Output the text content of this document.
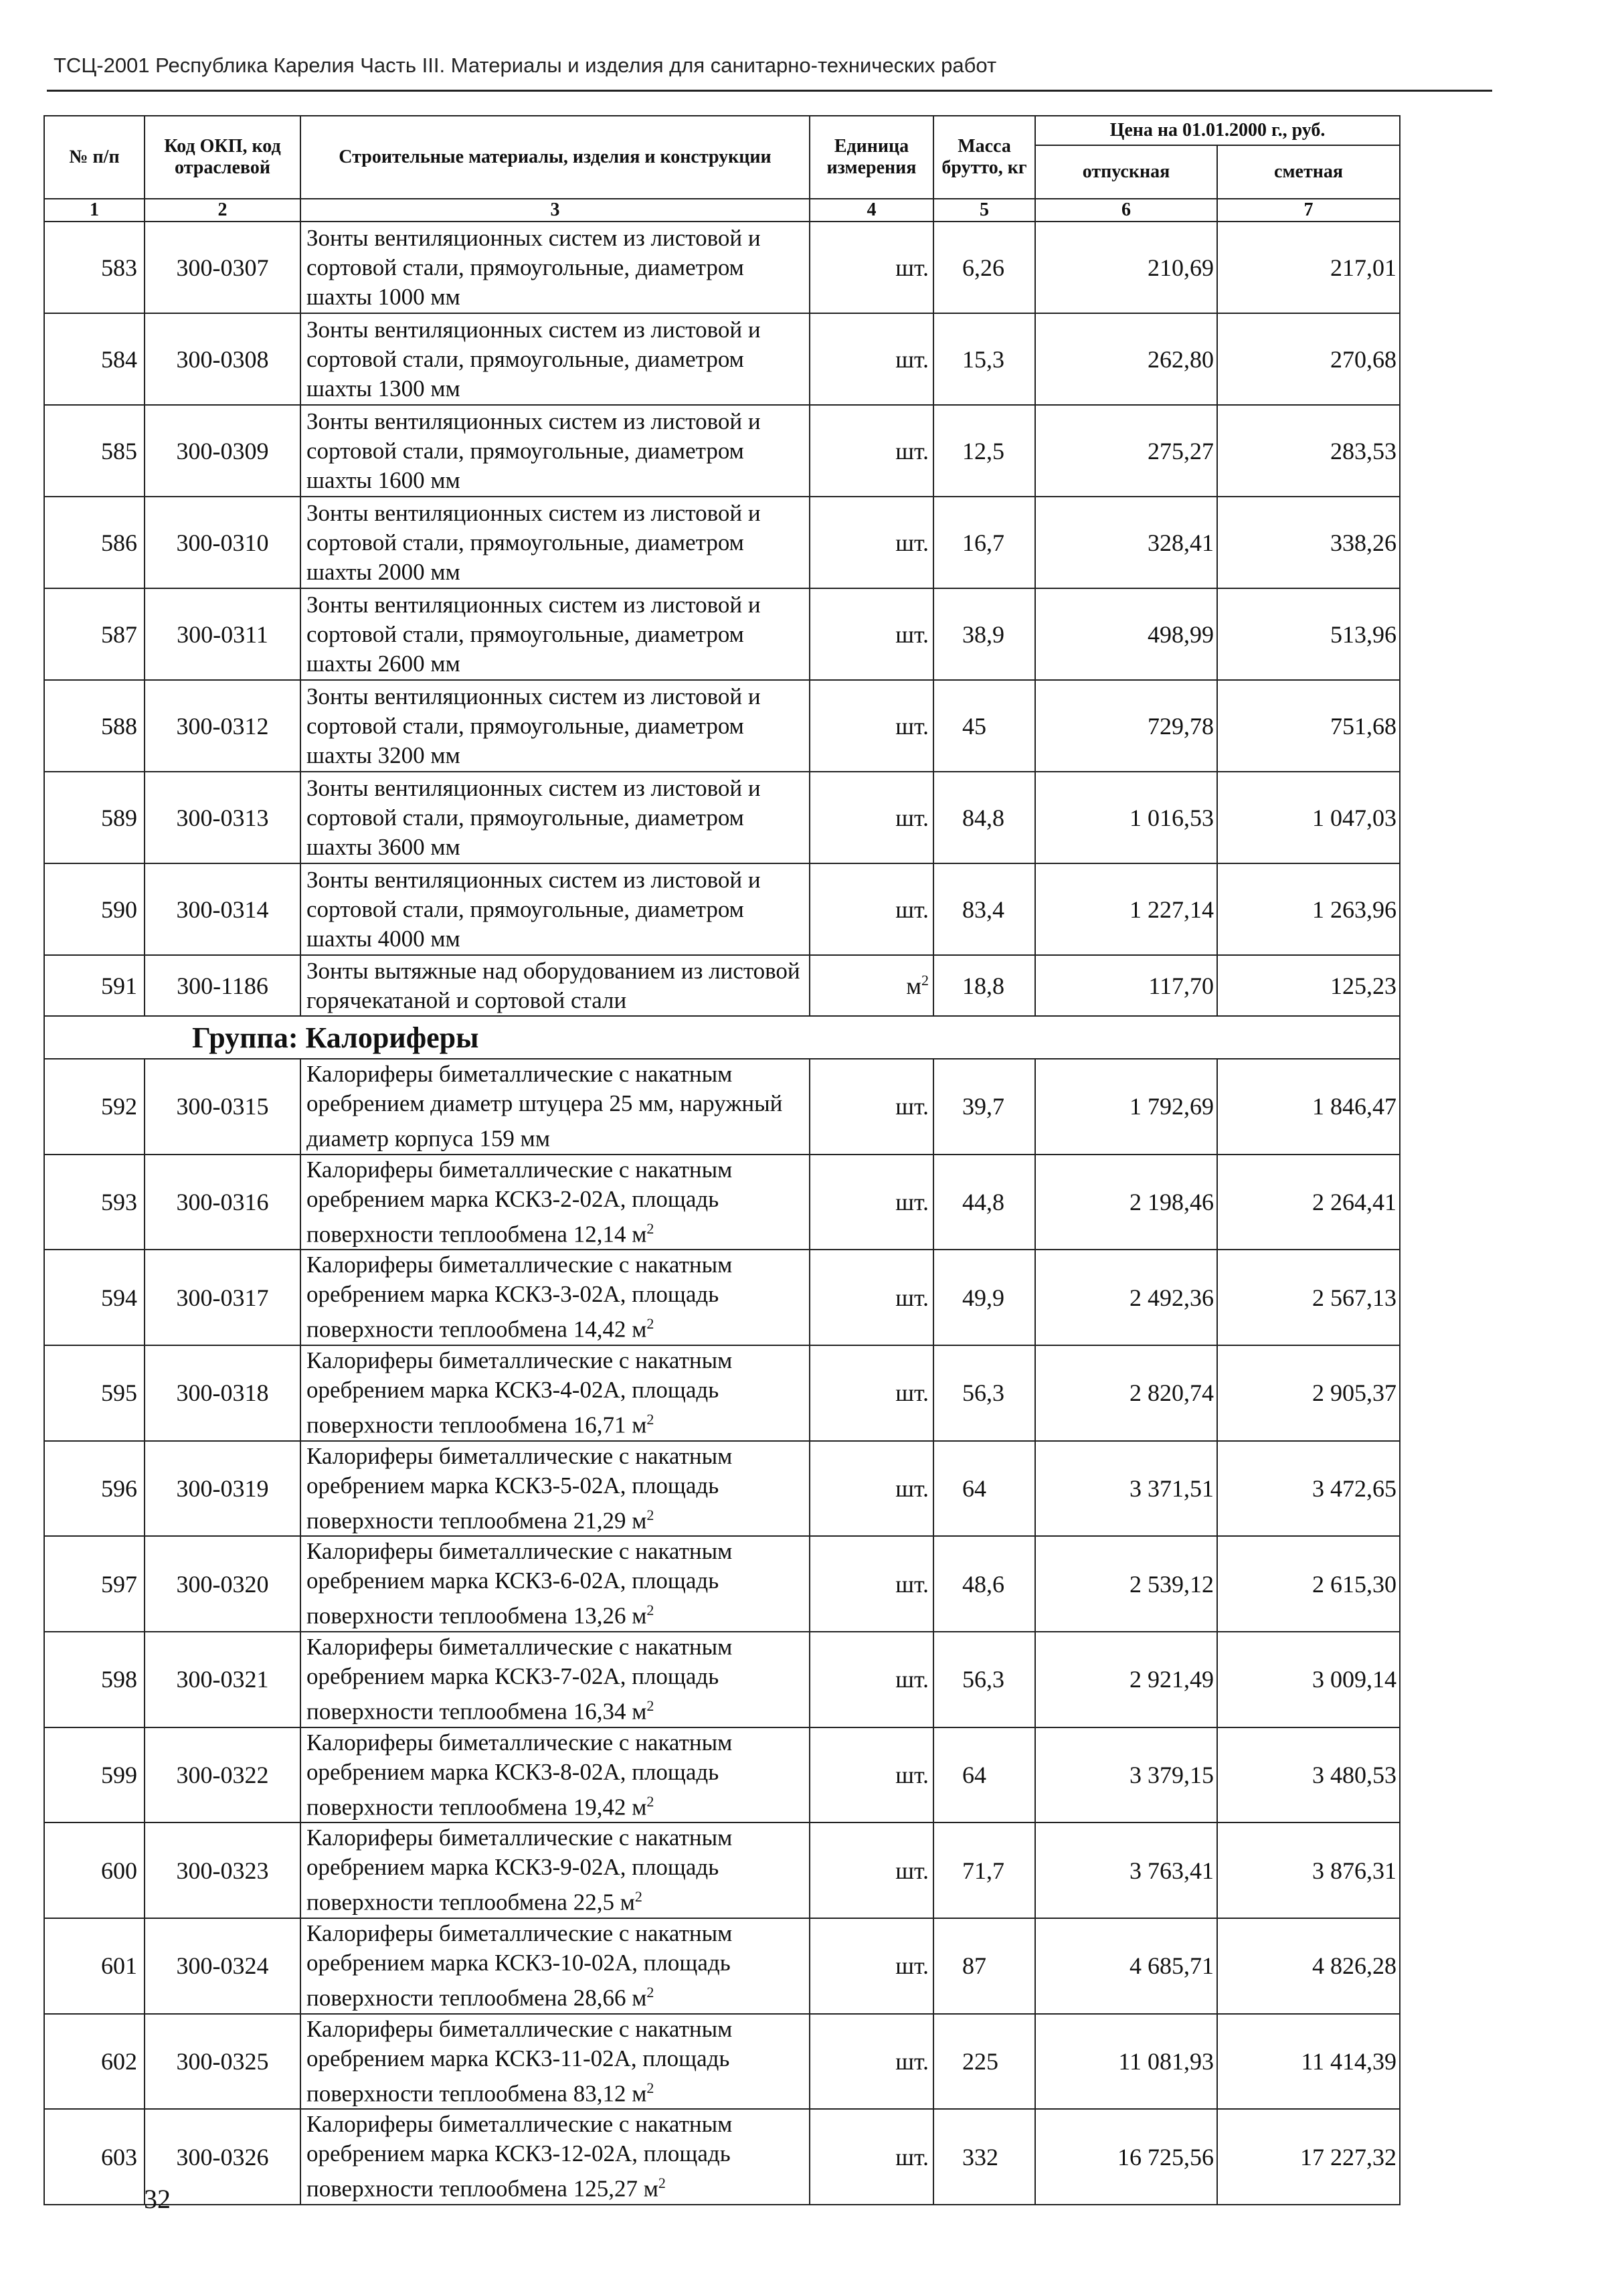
ТСЦ-2001 Республика Карелия Часть III. Материалы и изделия для санитарно-технических работ
№ п/п	Код ОКП, код отраслевой	Строительные материалы, изделия и конструкции	Единица измерения	Масса брутто, кг	Цена на 01.01.2000 г., руб.	
					отпускная	сметная
1	2	3	4	5	6	7
583	300-0307	Зонты вентиляционных систем из листовой и сортовой стали, прямоугольные, диаметром шахты 1000 мм	шт.	6,26	210,69	217,01
584	300-0308	Зонты вентиляционных систем из листовой и сортовой стали, прямоугольные, диаметром шахты 1300 мм	шт.	15,3	262,80	270,68
585	300-0309	Зонты вентиляционных систем из листовой и сортовой стали, прямоугольные, диаметром шахты 1600 мм	шт.	12,5	275,27	283,53
586	300-0310	Зонты вентиляционных систем из листовой и сортовой стали, прямоугольные, диаметром шахты 2000 мм	шт.	16,7	328,41	338,26
587	300-0311	Зонты вентиляционных систем из листовой и сортовой стали, прямоугольные, диаметром шахты 2600 мм	шт.	38,9	498,99	513,96
588	300-0312	Зонты вентиляционных систем из листовой и сортовой стали, прямоугольные, диаметром шахты 3200 мм	шт.	45	729,78	751,68
589	300-0313	Зонты вентиляционных систем из листовой и сортовой стали, прямоугольные, диаметром шахты 3600 мм	шт.	84,8	1 016,53	1 047,03
590	300-0314	Зонты вентиляционных систем из листовой и сортовой стали, прямоугольные, диаметром шахты 4000 мм	шт.	83,4	1 227,14	1 263,96
591	300-1186	Зонты вытяжные над оборудованием из листовой горячекатаной и сортовой стали	$м^2$	18,8	117,70	125,23
Группа: Калориферы						
592	300-0315	Калориферы биметаллические с накатным оребрением диаметр штуцера 25 мм, наружный диаметр корпуса 159 мм	шт.	39,7	1 792,69	1 846,47
593	300-0316	Калориферы биметаллические с накатным оребрением марка КСК3-2-02А, площадь поверхности теплообмена 12,14 $м^2$	шт.	44,8	2 198,46	2 264,41
594	300-0317	Калориферы биметаллические с накатным оребрением марка КСК3-3-02А, площадь поверхности теплообмена 14,42 $м^2$	шт.	49,9	2 492,36	2 567,13
595	300-0318	Калориферы биметаллические с накатным оребрением марка КСК3-4-02А, площадь поверхности теплообмена 16,71 $м^2$	шт.	56,3	2 820,74	2 905,37
596	300-0319	Калориферы биметаллические с накатным оребрением марка КСК3-5-02А, площадь поверхности теплообмена 21,29 $м^2$	шт.	64	3 371,51	3 472,65
597	300-0320	Калориферы биметаллические с накатным оребрением марка КСК3-6-02А, площадь поверхности теплообмена 13,26 $м^2$	шт.	48,6	2 539,12	2 615,30
598	300-0321	Калориферы биметаллические с накатным оребрением марка КСК3-7-02А, площадь поверхности теплообмена 16,34 $м^2$	шт.	56,3	2 921,49	3 009,14
599	300-0322	Калориферы биметаллические с накатным оребрением марка КСК3-8-02А, площадь поверхности теплообмена 19,42 $м^2$	шт.	64	3 379,15	3 480,53
600	300-0323	Калориферы биметаллические с накатным оребрением марка КСК3-9-02А, площадь поверхности теплообмена 22,5 $м^2$	шт.	71,7	3 763,41	3 876,31
601	300-0324	Калориферы биметаллические с накатным оребрением марка КСК3-10-02А, площадь поверхности теплообмена 28,66 $м^2$	шт.	87	4 685,71	4 826,28
602	300-0325	Калориферы биметаллические с накатным оребрением марка КСК3-11-02А, площадь поверхности теплообмена 83,12 $м^2$	шт.	225	11 081,93	11 414,39
603	300-0326	Калориферы биметаллические с накатным оребрением марка КСК3-12-02А, площадь поверхности теплообмена 125,27 $м^2$	шт.	332	16 725,56	17 227,32
32
